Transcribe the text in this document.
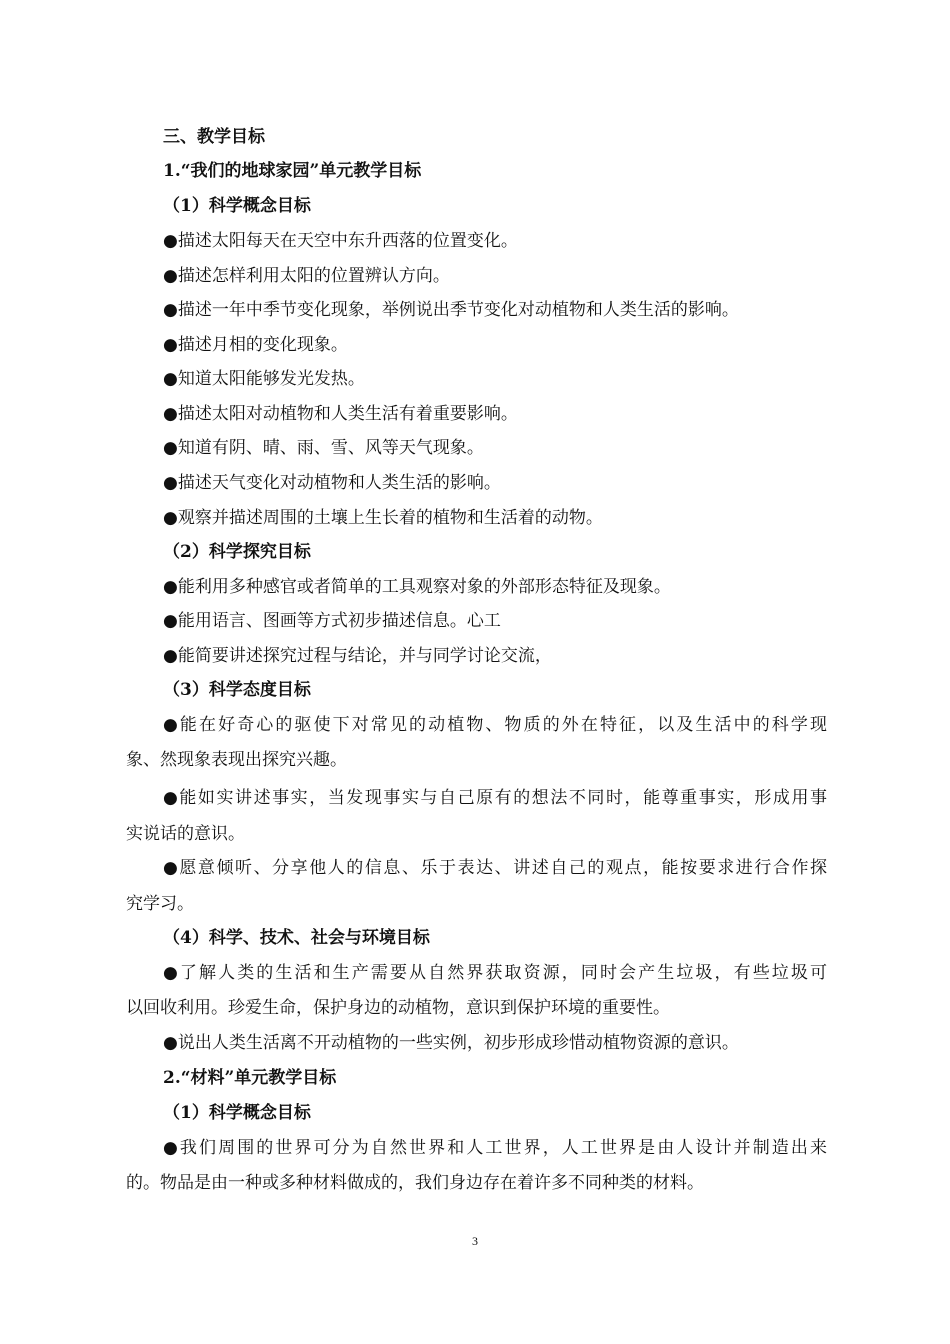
三、教学目标
1.“我们的地球家园”单元教学目标
（1）科学概念目标
●描述太阳每天在天空中东升西落的位置变化。
●描述怎样利用太阳的位置辨认方向。
●描述一年中季节变化现象，举例说出季节变化对动植物和人类生活的影响。
●描述月相的变化现象。
●知道太阳能够发光发热。
●描述太阳对动植物和人类生活有着重要影响。
●知道有阴、晴、雨、雪、风等天气现象。
●描述天气变化对动植物和人类生活的影响。
●观察并描述周围的土壤上生长着的植物和生活着的动物。
（2）科学探究目标
●能利用多种感官或者简单的工具观察对象的外部形态特征及现象。
●能用语言、图画等方式初步描述信息。心工
●能简要讲述探究过程与结论，并与同学讨论交流，
（3）科学态度目标
●能在好奇心的驱使下对常见的动植物、物质的外在特征，以及生活中的科学现
象、然现象表现出探究兴趣。
●能如实讲述事实，当发现事实与自己原有的想法不同时，能尊重事实，形成用事
实说话的意识。
●愿意倾听、分享他人的信息、乐于表达、讲述自己的观点，能按要求进行合作探
究学习。
（4）科学、技术、社会与环境目标
●了解人类的生活和生产需要从自然界获取资源，同时会产生垃圾，有些垃圾可
以回收利用。珍爱生命，保护身边的动植物，意识到保护环境的重要性。
●说出人类生活离不开动植物的一些实例，初步形成珍惜动植物资源的意识。
2.“材料”单元教学目标
（1）科学概念目标
●我们周围的世界可分为自然世界和人工世界，人工世界是由人设计并制造出来
的。物品是由一种或多种材料做成的，我们身边存在着许多不同种类的材料。
3
